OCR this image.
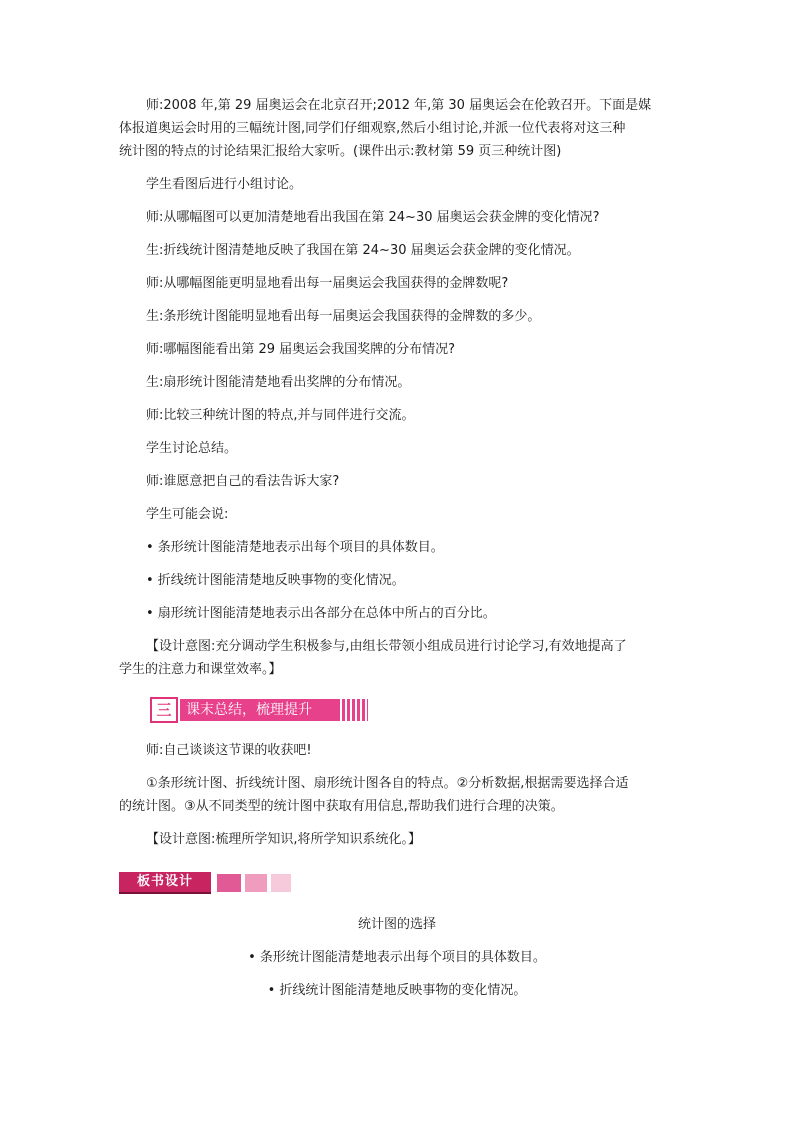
师:2008 年,第 29 届奥运会在北京召开;2012 年,第 30 届奥运会在伦敦召开。下面是媒
体报道奥运会时用的三幅统计图,同学们仔细观察,然后小组讨论,并派一位代表将对这三种
统计图的特点的讨论结果汇报给大家听。(课件出示:教材第 59 页三种统计图)
学生看图后进行小组讨论。
师:从哪幅图可以更加清楚地看出我国在第 24~30 届奥运会获金牌的变化情况?
生:折线统计图清楚地反映了我国在第 24~30 届奥运会获金牌的变化情况。
师:从哪幅图能更明显地看出每一届奥运会我国获得的金牌数呢?
生:条形统计图能明显地看出每一届奥运会我国获得的金牌数的多少。
师:哪幅图能看出第 29 届奥运会我国奖牌的分布情况?
生:扇形统计图能清楚地看出奖牌的分布情况。
师:比较三种统计图的特点,并与同伴进行交流。
学生讨论总结。
师:谁愿意把自己的看法告诉大家?
学生可能会说:
• 条形统计图能清楚地表示出每个项目的具体数目。
• 折线统计图能清楚地反映事物的变化情况。
• 扇形统计图能清楚地表示出各部分在总体中所占的百分比。
【设计意图:充分调动学生积极参与,由组长带领小组成员进行讨论学习,有效地提高了
学生的注意力和课堂效率。】
三	课末总结，梳理提升
师:自己谈谈这节课的收获吧!
①条形统计图、折线统计图、扇形统计图各自的特点。②分析数据,根据需要选择合适
的统计图。③从不同类型的统计图中获取有用信息,帮助我们进行合理的决策。
【设计意图:梳理所学知识,将所学知识系统化。】
板书设计
统计图的选择
• 条形统计图能清楚地表示出每个项目的具体数目。
• 折线统计图能清楚地反映事物的变化情况。
